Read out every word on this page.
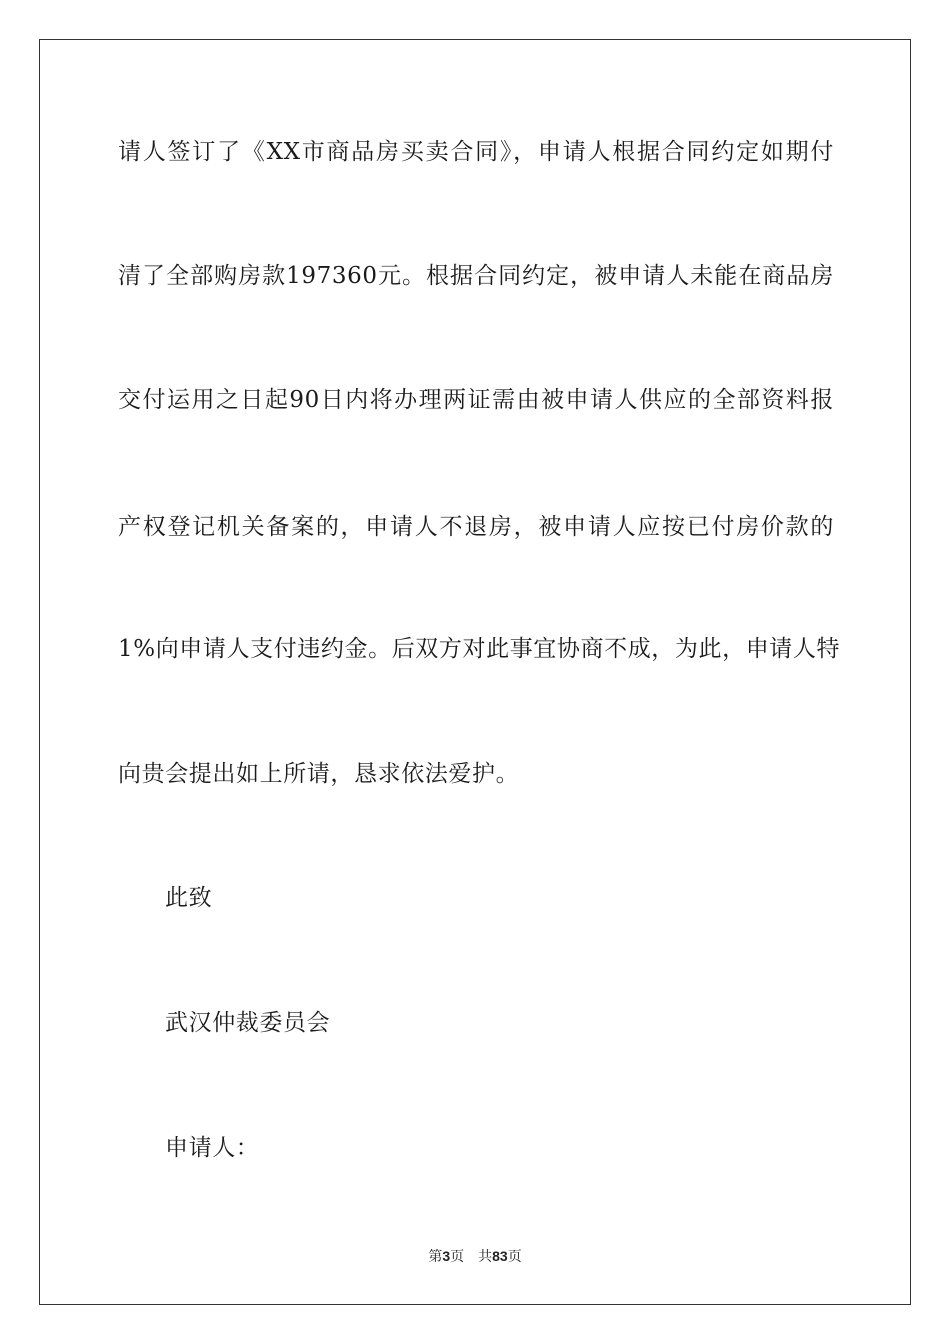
请人签订了《XX市商品房买卖合同》，申请人根据合同约定如期付
清了全部购房款197360元。根据合同约定，被申请人未能在商品房
交付运用之日起90日内将办理两证需由被申请人供应的全部资料报
产权登记机关备案的，申请人不退房，被申请人应按已付房价款的
1%向申请人支付违约金。后双方对此事宜协商不成，为此，申请人特
向贵会提出如上所请，恳求依法爱护。
此致
武汉仲裁委员会
申请人：
第3页 共83页
